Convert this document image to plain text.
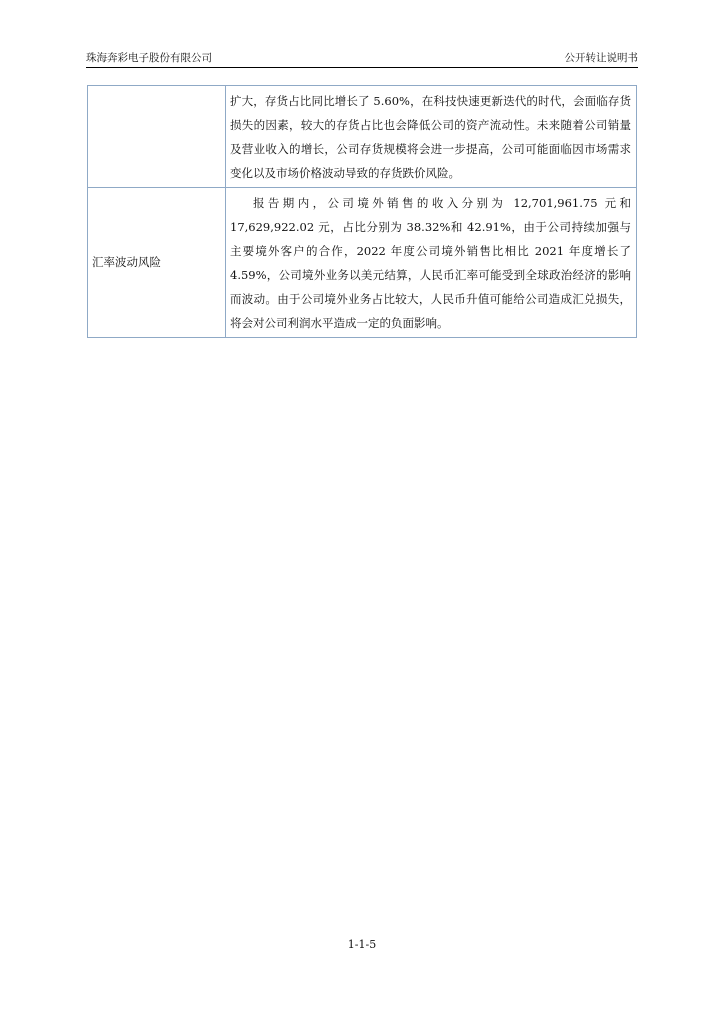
珠海奔彩电子股份有限公司	公开转让说明书
	扩大，存货占比同比增长了 5.60%，在科技快速更新迭代的时代，会面临存货损失的因素，较大的存货占比也会降低公司的资产流动性。未来随着公司销量及营业收入的增长，公司存货规模将会进一步提高，公司可能面临因市场需求变化以及市场价格波动导致的存货跌价风险。
汇率波动风险	报告期内，公司境外销售的收入分别为 12,701,961.75 元和 17,629,922.02 元，占比分别为 38.32%和 42.91%，由于公司持续加强与主要境外客户的合作，2022 年度公司境外销售比相比 2021 年度增长了 4.59%，公司境外业务以美元结算，人民币汇率可能受到全球政治经济的影响而波动。由于公司境外业务占比较大，人民币升值可能给公司造成汇兑损失，将会对公司利润水平造成一定的负面影响。
1-1-5
